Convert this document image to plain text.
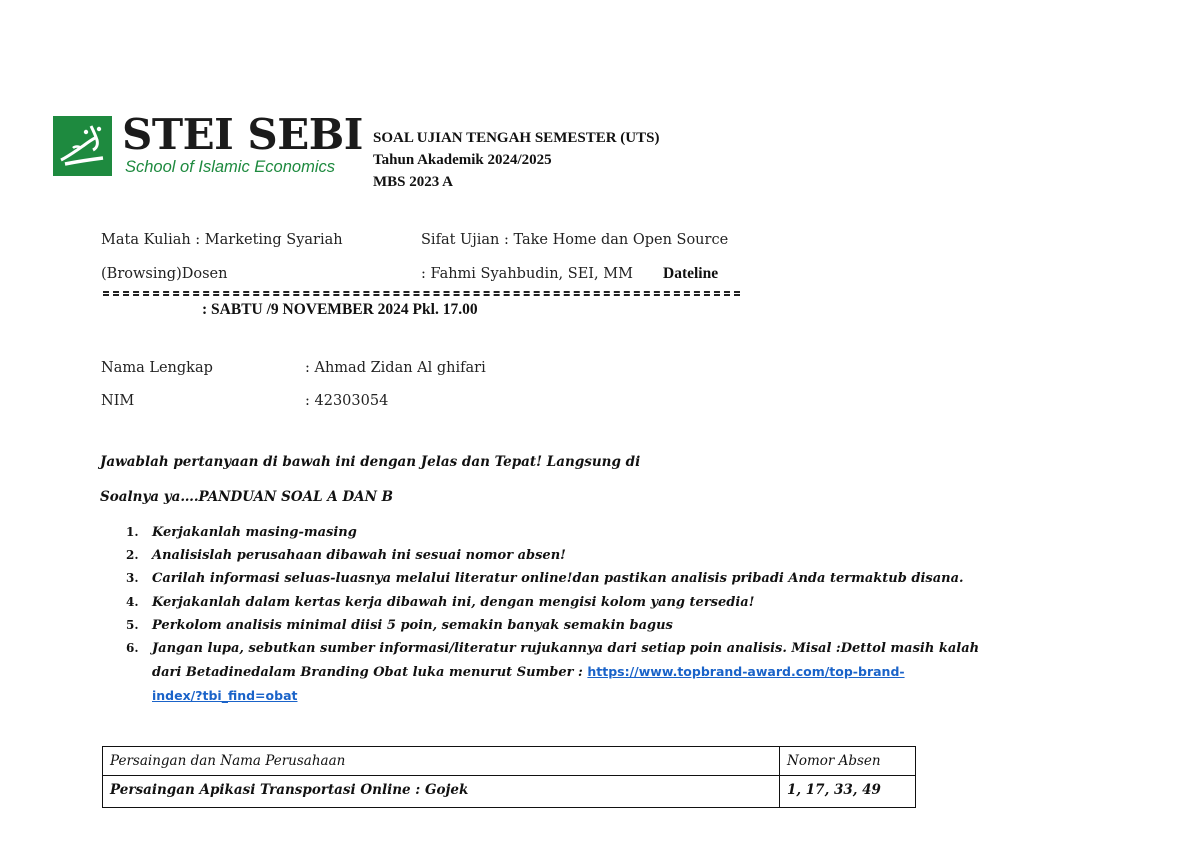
STEI SEBI
School of Islamic Economics
SOAL UJIAN TENGAH SEMESTER (UTS)
Tahun Akademik 2024/2025
MBS 2023 A
Mata Kuliah : Marketing Syariah	Sifat Ujian : Take Home dan Open Source
(Browsing)Dosen	: Fahmi Syahbudin, SEI, MM Dateline
: SABTU /9 NOVEMBER 2024 Pkl. 17.00
Nama Lengkap	: Ahmad Zidan Al ghifari
NIM	: 42303054
Jawablah pertanyaan di bawah ini dengan Jelas dan Tepat! Langsung di
Soalnya ya….PANDUAN SOAL A DAN B
1. Kerjakanlah masing-masing
2. Analisislah perusahaan dibawah ini sesuai nomor absen!
3. Carilah informasi seluas-luasnya melalui literatur online!dan pastikan analisis pribadi Anda termaktub disana.
4. Kerjakanlah dalam kertas kerja dibawah ini, dengan mengisi kolom yang tersedia!
5. Perkolom analisis minimal diisi 5 poin, semakin banyak semakin bagus
6. Jangan lupa, sebutkan sumber informasi/literatur rujukannya dari setiap poin analisis. Misal :Dettol masih kalah
dari Betadinedalam Branding Obat luka menurut Sumber : https://www.topbrand-award.com/top-brand-
index/?tbi_find=obat
Persaingan dan Nama Perusahaan	Nomor Absen
Persaingan Apikasi Transportasi Online : Gojek	1, 17, 33, 49
